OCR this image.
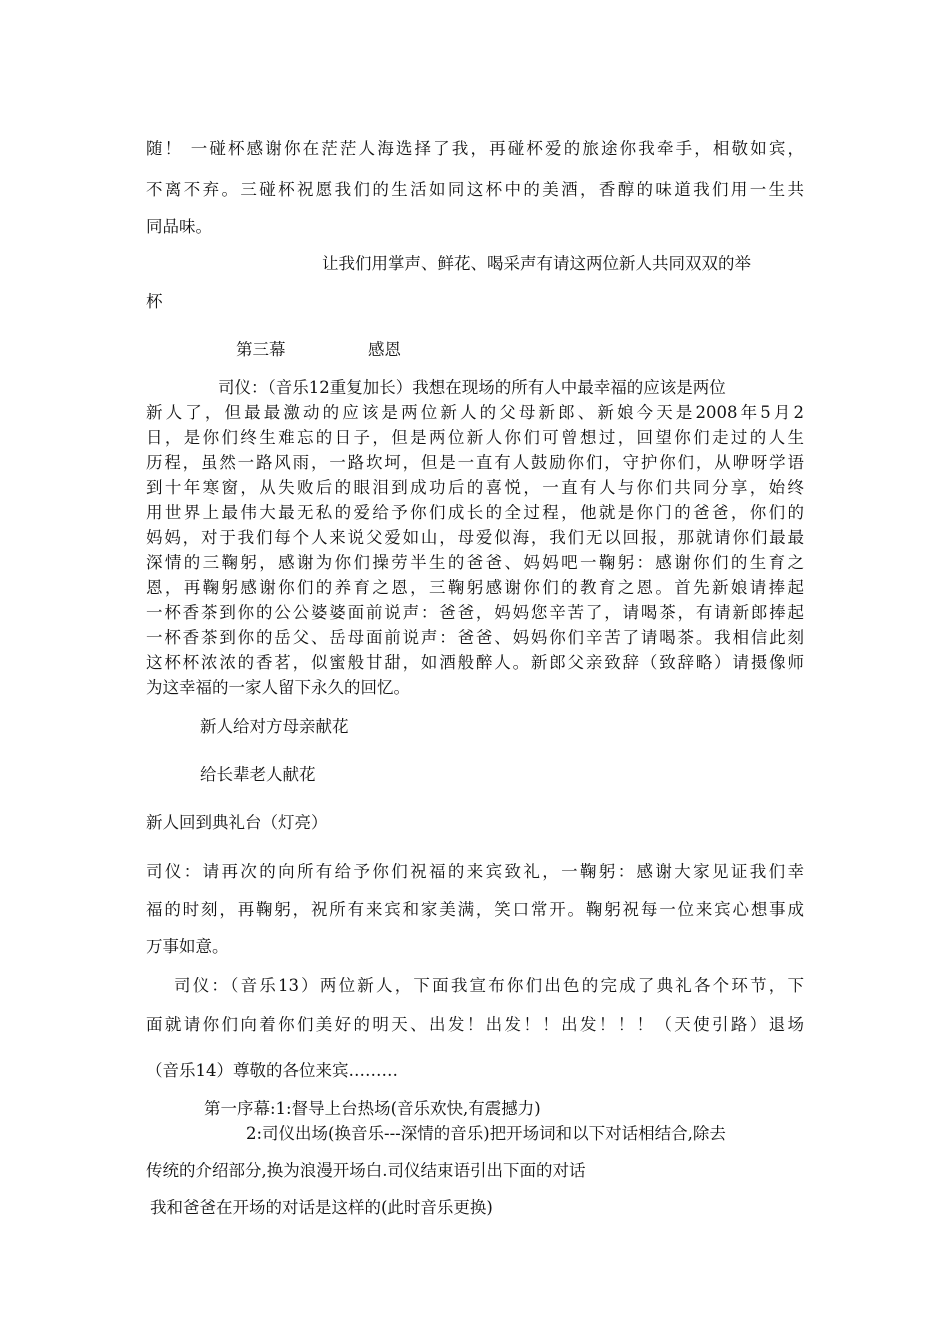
随！ 一碰杯感谢你在茫茫人海选择了我，再碰杯爱的旅途你我牵手，相敬如宾，
不离不弃。三碰杯祝愿我们的生活如同这杯中的美酒，香醇的味道我们用一生共
同品味。
让我们用掌声、鲜花、喝采声有请这两位新人共同双双的举
杯
第三幕　　　　　感恩
司仪：（音乐12重复加长）我想在现场的所有人中最幸福的应该是两位
新人了，但最最激动的应该是两位新人的父母新郎、新娘今天是2008年5月2
日，是你们终生难忘的日子，但是两位新人你们可曾想过，回望你们走过的人生
历程，虽然一路风雨，一路坎坷，但是一直有人鼓励你们，守护你们，从咿呀学语
到十年寒窗，从失败后的眼泪到成功后的喜悦，一直有人与你们共同分享，始终
用世界上最伟大最无私的爱给予你们成长的全过程，他就是你门的爸爸，你们的
妈妈，对于我们每个人来说父爱如山，母爱似海，我们无以回报，那就请你们最最
深情的三鞠躬，感谢为你们操劳半生的爸爸、妈妈吧一鞠躬：感谢你们的生育之
恩，再鞠躬感谢你们的养育之恩，三鞠躬感谢你们的教育之恩。首先新娘请捧起
一杯香茶到你的公公婆婆面前说声：爸爸，妈妈您辛苦了，请喝茶，有请新郎捧起
一杯香茶到你的岳父、岳母面前说声：爸爸、妈妈你们辛苦了请喝茶。我相信此刻
这杯杯浓浓的香茗，似蜜般甘甜，如酒般醉人。新郎父亲致辞（致辞略）请摄像师
为这幸福的一家人留下永久的回忆。
新人给对方母亲献花
给长辈老人献花
新人回到典礼台（灯亮）
司仪：请再次的向所有给予你们祝福的来宾致礼，一鞠躬：感谢大家见证我们幸
福的时刻，再鞠躬，祝所有来宾和家美满，笑口常开。鞠躬祝每一位来宾心想事成
万事如意。
司仪：（音乐13）两位新人，下面我宣布你们出色的完成了典礼各个环节，下
面就请你们向着你们美好的明天、出发！出发！！出发！！！（天使引路）退场
（音乐14）尊敬的各位来宾………
第一序幕:1:督导上台热场(音乐欢快,有震撼力)
2:司仪出场(换音乐---深情的音乐)把开场词和以下对话相结合,除去
传统的介绍部分,换为浪漫开场白.司仪结束语引出下面的对话
我和爸爸在开场的对话是这样的(此时音乐更换)
